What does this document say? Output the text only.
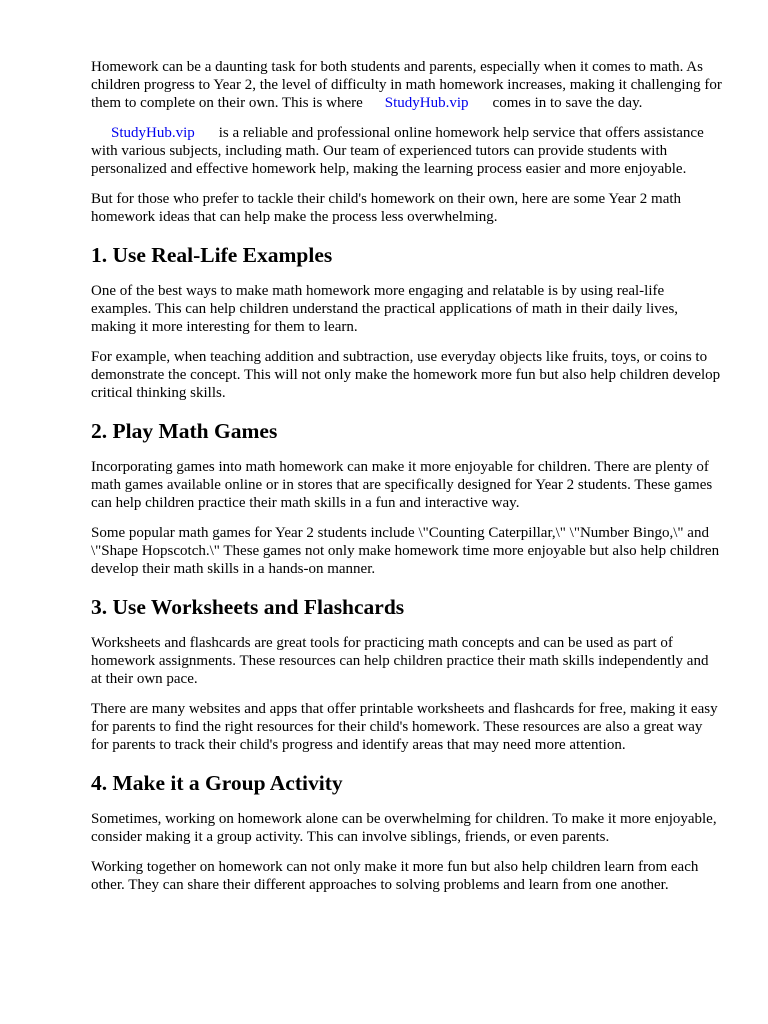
Homework can be a daunting task for both students and parents, especially when it comes to math. As children progress to Year 2, the level of difficulty in math homework increases, making it challenging for them to complete on their own. This is where StudyHub.vip comes in to save the day.

StudyHub.vip is a reliable and professional online homework help service that offers assistance with various subjects, including math. Our team of experienced tutors can provide students with personalized and effective homework help, making the learning process easier and more enjoyable.

But for those who prefer to tackle their child's homework on their own, here are some Year 2 math homework ideas that can help make the process less overwhelming.

1. Use Real-Life Examples

One of the best ways to make math homework more engaging and relatable is by using real-life examples. This can help children understand the practical applications of math in their daily lives, making it more interesting for them to learn.

For example, when teaching addition and subtraction, use everyday objects like fruits, toys, or coins to demonstrate the concept. This will not only make the homework more fun but also help children develop critical thinking skills.

2. Play Math Games

Incorporating games into math homework can make it more enjoyable for children. There are plenty of math games available online or in stores that are specifically designed for Year 2 students. These games can help children practice their math skills in a fun and interactive way.

Some popular math games for Year 2 students include \"Counting Caterpillar,\" \"Number Bingo,\" and \"Shape Hopscotch.\" These games not only make homework time more enjoyable but also help children develop their math skills in a hands-on manner.

3. Use Worksheets and Flashcards

Worksheets and flashcards are great tools for practicing math concepts and can be used as part of homework assignments. These resources can help children practice their math skills independently and at their own pace.

There are many websites and apps that offer printable worksheets and flashcards for free, making it easy for parents to find the right resources for their child's homework. These resources are also a great way for parents to track their child's progress and identify areas that may need more attention.

4. Make it a Group Activity

Sometimes, working on homework alone can be overwhelming for children. To make it more enjoyable, consider making it a group activity. This can involve siblings, friends, or even parents.

Working together on homework can not only make it more fun but also help children learn from each other. They can share their different approaches to solving problems and learn from one another.
